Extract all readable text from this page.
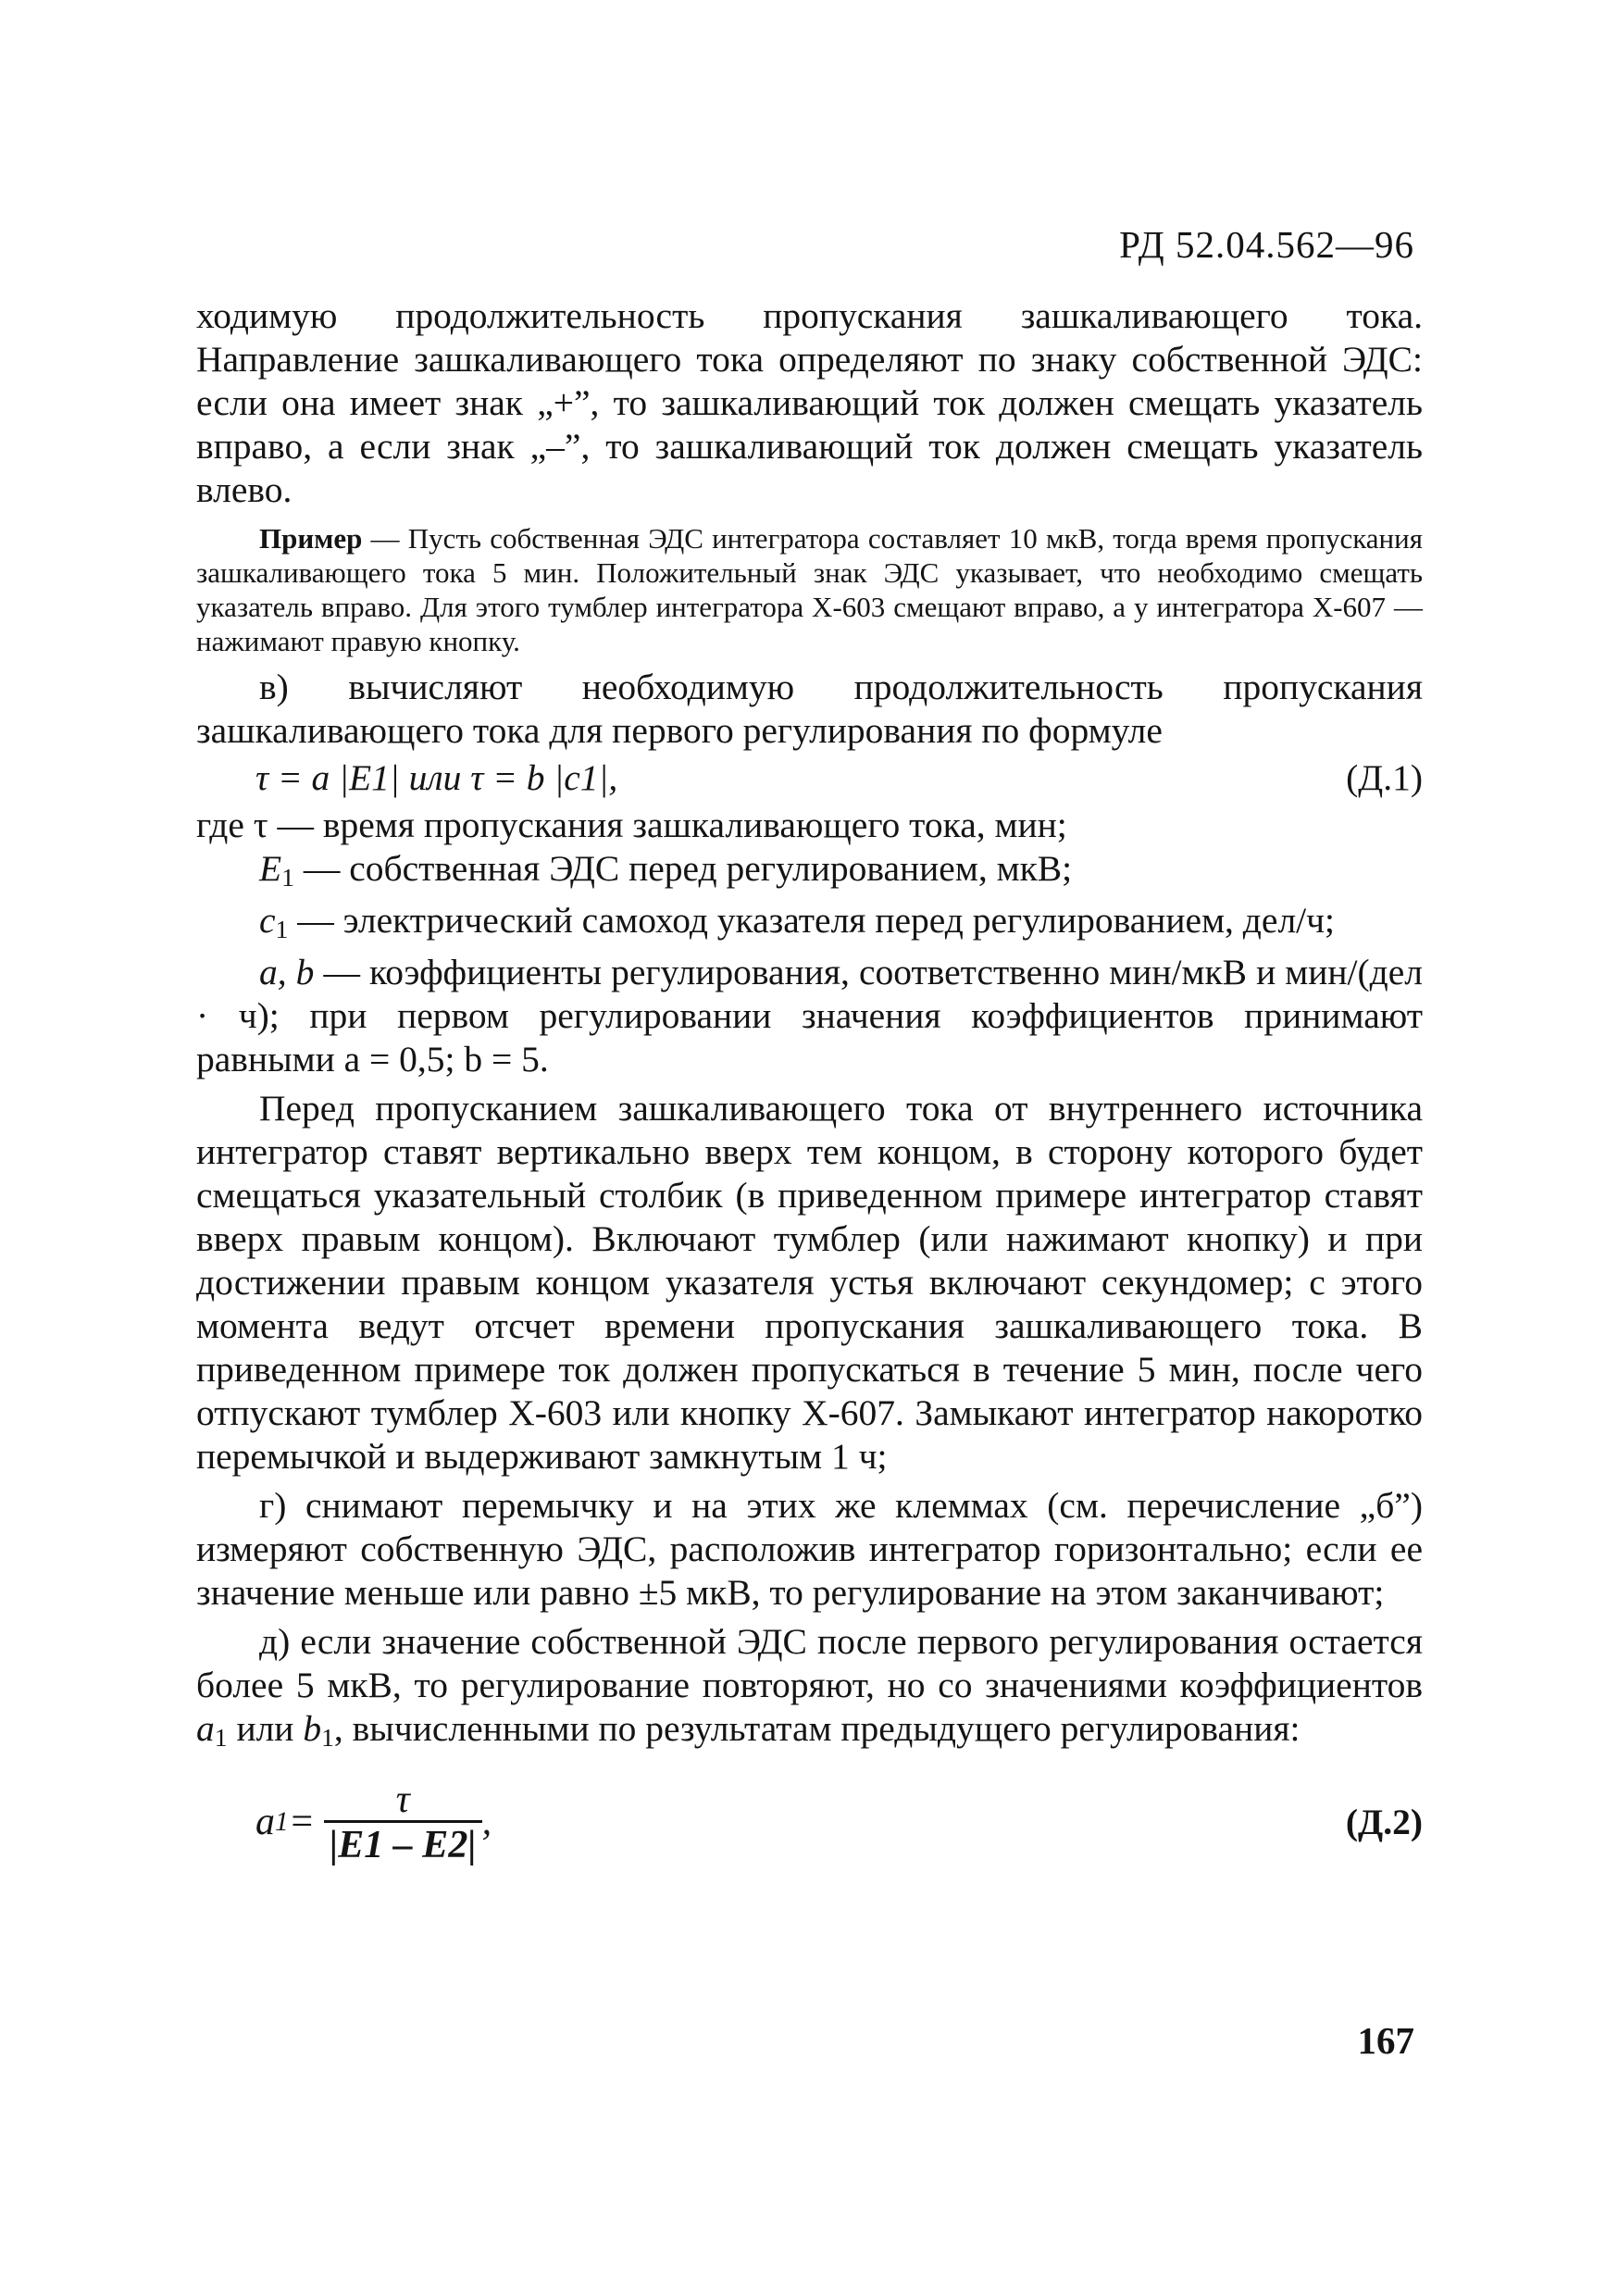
РД 52.04.562—96

ходимую продолжительность пропускания зашкаливающего тока. Направление зашкаливающего тока определяют по знаку собственной ЭДС: если она имеет знак „+”, то зашкаливающий ток должен смещать указатель вправо, а если знак „–”, то зашкаливающий ток должен смещать указатель влево.

Пример — Пусть собственная ЭДС интегратора составляет 10 мкВ, тогда время пропускания зашкаливающего тока 5 мин. Положительный знак ЭДС указывает, что необходимо смещать указатель вправо. Для этого тумблер интегратора Х-603 смещают вправо, а у интегратора Х-607 — нажимают правую кнопку.

в) вычисляют необходимую продолжительность пропускания зашкаливающего тока для первого регулирования по формуле

τ = a |E1| или τ = b |c1|,	(Д.1)

где τ — время пропускания зашкаливающего тока, мин;

$E_1$ — собственная ЭДС перед регулированием, мкВ;

$c_1$ — электрический самоход указателя перед регулированием, дел/ч;

a, b — коэффициенты регулирования, соответственно мин/мкВ и мин/(дел · ч); при первом регулировании значения коэффициентов принимают равными a = 0,5; b = 5.

Перед пропусканием зашкаливающего тока от внутреннего источника интегратор ставят вертикально вверх тем концом, в сторону которого будет смещаться указательный столбик (в приведенном примере интегратор ставят вверх правым концом). Включают тумблер (или нажимают кнопку) и при достижении правым концом указателя устья включают секундомер; с этого момента ведут отсчет времени пропускания зашкаливающего тока. В приведенном примере ток должен пропускаться в течение 5 мин, после чего отпускают тумблер Х-603 или кнопку Х-607. Замыкают интегратор накоротко перемычкой и выдерживают замкнутым 1 ч;

г) снимают перемычку и на этих же клеммах (см. перечисление „б”) измеряют собственную ЭДС, расположив интегратор горизонтально; если ее значение меньше или равно ±5 мкВ, то регулирование на этом заканчивают;

д) если значение собственной ЭДС после первого регулирования остается более 5 мкВ, то регулирование повторяют, но со значениями коэффициентов $a_1$ или $b_1$, вычисленными по результатам предыдущего регулирования:

a $1 = \frac{\tau}{|E1 - E2|}$ ,	(Д.2)
167
